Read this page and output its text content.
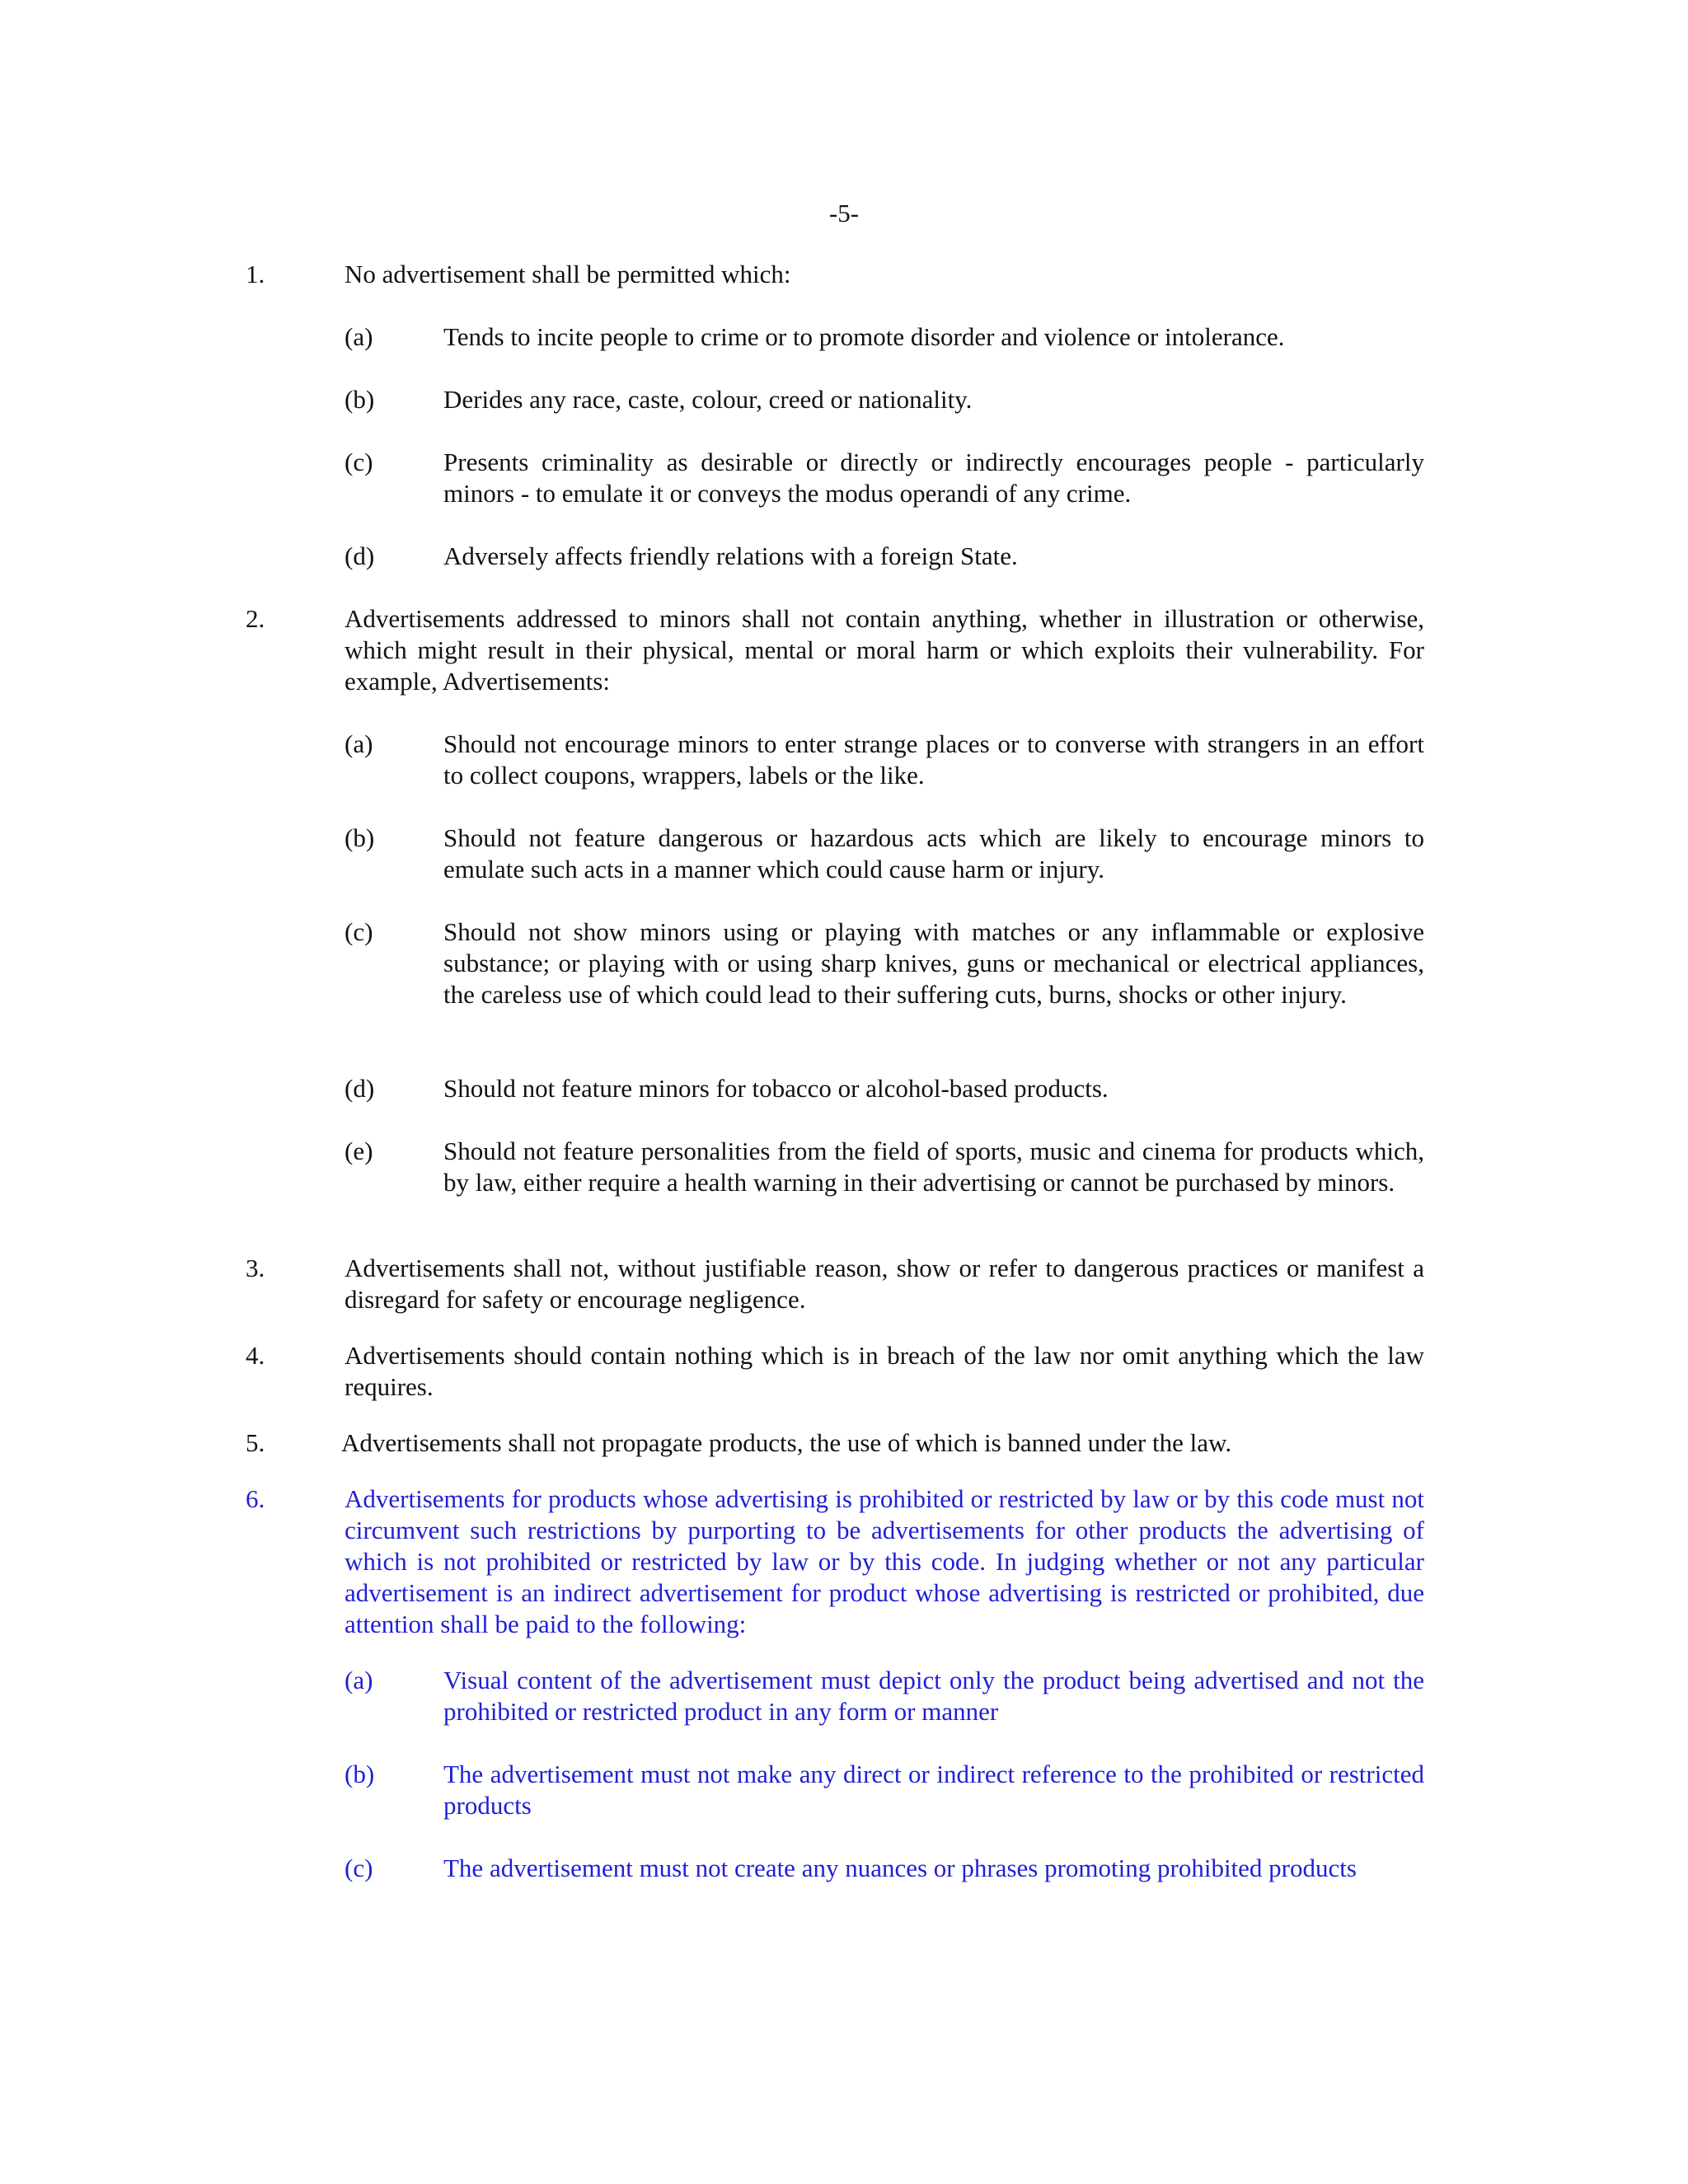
-5-
1.	No advertisement shall be permitted which:
(a)	Tends to incite people to crime or to promote disorder and violence or intolerance.
(b)	Derides any race, caste, colour, creed or nationality.
(c)	Presents criminality as desirable or directly or indirectly encourages people - particularly minors - to emulate it or conveys the modus operandi of any crime.
(d)	Adversely affects friendly relations with a foreign State.
2.	Advertisements addressed to minors shall not contain anything, whether in illustration or otherwise, which might result in their physical, mental or moral harm or which exploits their vulnerability. For example, Advertisements:
(a)	Should not encourage minors to enter strange places or to converse with strangers in an effort to collect coupons, wrappers, labels or the like.
(b)	Should not feature dangerous or hazardous acts which are likely to encourage minors to emulate such acts in a manner which could cause harm or injury.
(c)	Should not show minors using or playing with matches or any inflammable or explosive substance; or playing with or using sharp knives, guns or mechanical or electrical appliances, the careless use of which could lead to their suffering cuts, burns, shocks or other injury.
(d)	Should not feature minors for tobacco or alcohol-based products.
(e)	Should not feature personalities from the field of sports, music and cinema for products which, by law, either require a health warning in their advertising or cannot be purchased by minors.
3.	Advertisements shall not, without justifiable reason, show or refer to dangerous practices or manifest a disregard for safety or encourage negligence.
4.	Advertisements should contain nothing which is in breach of the law nor omit anything which the law requires.
5.	Advertisements shall not propagate products, the use of which is banned under the law.
6.	Advertisements for products whose advertising is prohibited or restricted by law or by this code must not circumvent such restrictions by purporting to be advertisements for other products the advertising of which is not prohibited or restricted by law or by this code. In judging whether or not any particular advertisement is an indirect advertisement for product whose advertising is restricted or prohibited, due attention shall be paid to the following:
(a)	Visual content of the advertisement must depict only the product being advertised and not the prohibited or restricted product in any form or manner
(b)	The advertisement must not make any direct or indirect reference to the prohibited or restricted products
(c)	The advertisement must not create any nuances or phrases promoting prohibited products
